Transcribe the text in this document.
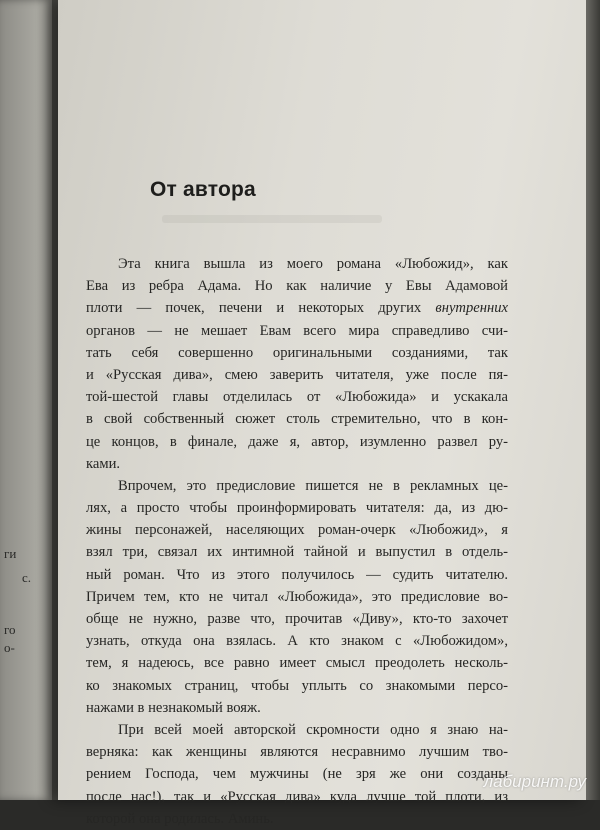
ги
с.
го
о-
От автора
Эта книга вышла из моего романа «Любожид», как
Ева из ребра Адама. Но как наличие у Евы Адамовой
плоти — почек, печени и некоторых других внутренних
органов — не мешает Евам всего мира справедливо счи-
тать себя совершенно оригинальными созданиями, так
и «Русская дива», смею заверить читателя, уже после пя-
той-шестой главы отделилась от «Любожида» и ускакала
в свой собственный сюжет столь стремительно, что в кон-
це концов, в финале, даже я, автор, изумленно развел ру-
ками.
Впрочем, это предисловие пишется не в рекламных це-
лях, а просто чтобы проинформировать читателя: да, из дю-
жины персонажей, населяющих роман-очерк «Любожид», я
взял три, связал их интимной тайной и выпустил в отдель-
ный роман. Что из этого получилось — судить читателю.
Причем тем, кто не читал «Любожида», это предисловие во-
обще не нужно, разве что, прочитав «Диву», кто-то захочет
узнать, откуда она взялась. А кто знаком с «Любожидом»,
тем, я надеюсь, все равно имеет смысл преодолеть несколь-
ко знакомых страниц, чтобы уплыть со знакомыми персо-
нажами в незнакомый вояж.
При всей моей авторской скромности одно я знаю на-
верняка: как женщины являются несравнимо лучшим тво-
рением Господа, чем мужчины (не зря же они созданы
после нас!), так и «Русская дива» куда лучше той плоти, из
которой она родилась. Аминь.
лабиринт.ру
